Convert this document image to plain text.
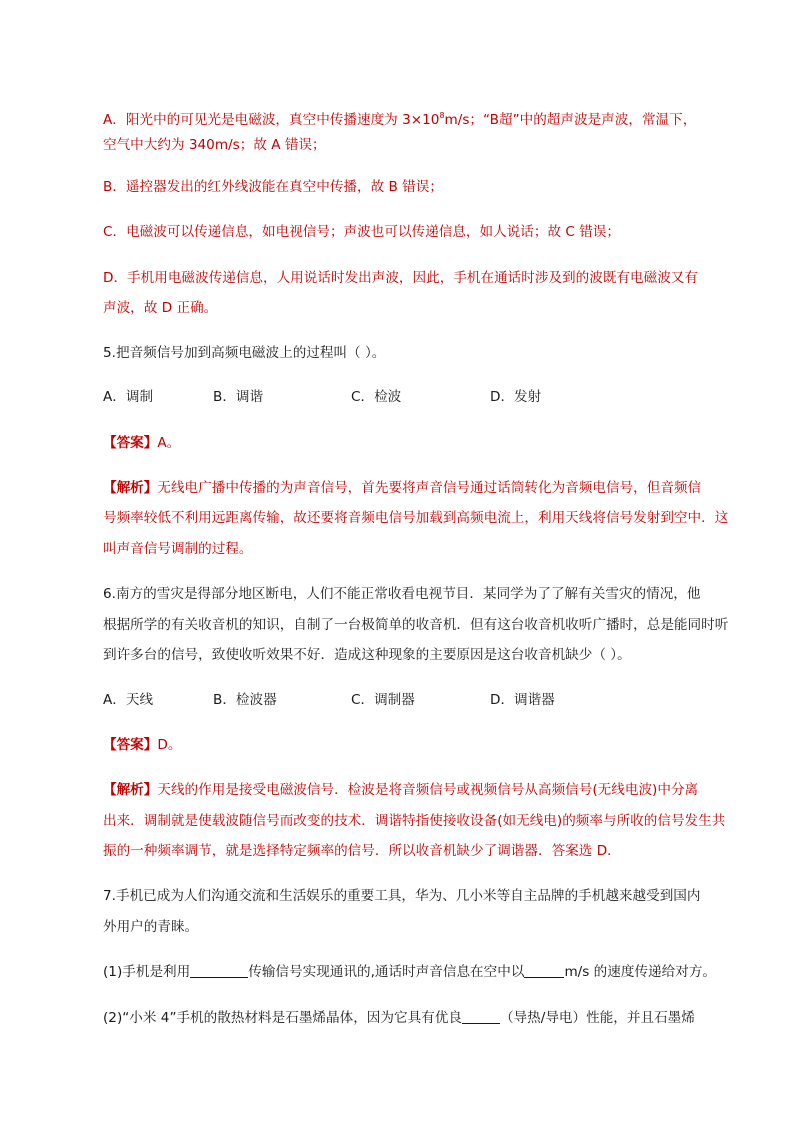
A．阳光中的可见光是电磁波，真空中传播速度为 $3\times 10^8m/s$；“B超”中的超声波是声波，常温下，

空气中大约为 340m/s；故 A 错误；

B．遥控器发出的红外线波能在真空中传播，故 B 错误；

C．电磁波可以传递信息，如电视信号；声波也可以传递信息，如人说话；故 C 错误；

D．手机用电磁波传递信息，人用说话时发出声波，因此，手机在通话时涉及到的波既有电磁波又有

声波，故 D 正确。

5.把音频信号加到高频电磁波上的过程叫（ ）。

A．调制	B．调谐	C．检波	D．发射

【答案】A。

【解析】无线电广播中传播的为声音信号，首先要将声音信号通过话筒转化为音频电信号，但音频信

号频率较低不利用远距离传输，故还要将音频电信号加载到高频电流上，利用天线将信号发射到空中．这

叫声音信号调制的过程。

6.南方的雪灾是得部分地区断电，人们不能正常收看电视节目．某同学为了了解有关雪灾的情况，他

根据所学的有关收音机的知识，自制了一台极简单的收音机．但有这台收音机收听广播时，总是能同时听

到许多台的信号，致使收听效果不好．造成这种现象的主要原因是这台收音机缺少（ ）。

A．天线	B．检波器	C．调制器	D．调谐器

【答案】D。

【解析】天线的作用是接受电磁波信号．检波是将音频信号或视频信号从高频信号(无线电波)中分离

出来．调制就是使载波随信号而改变的技术．调谐特指使接收设备(如无线电)的频率与所收的信号发生共

振的一种频率调节，就是选择特定频率的信号．所以收音机缺少了调谐器．答案选 D．

7.手机已成为人们沟通交流和生活娱乐的重要工具，华为、几小米等自主品牌的手机越来越受到国内

外用户的青睐。

(1)手机是利用	传输信号实现通讯的,通话时声音信息在空中以	m/s 的速度传递给对方。

(2)“小米 4”手机的散热材料是石墨烯晶体，因为它具有优良	（导热/导电）性能，并且石墨烯
